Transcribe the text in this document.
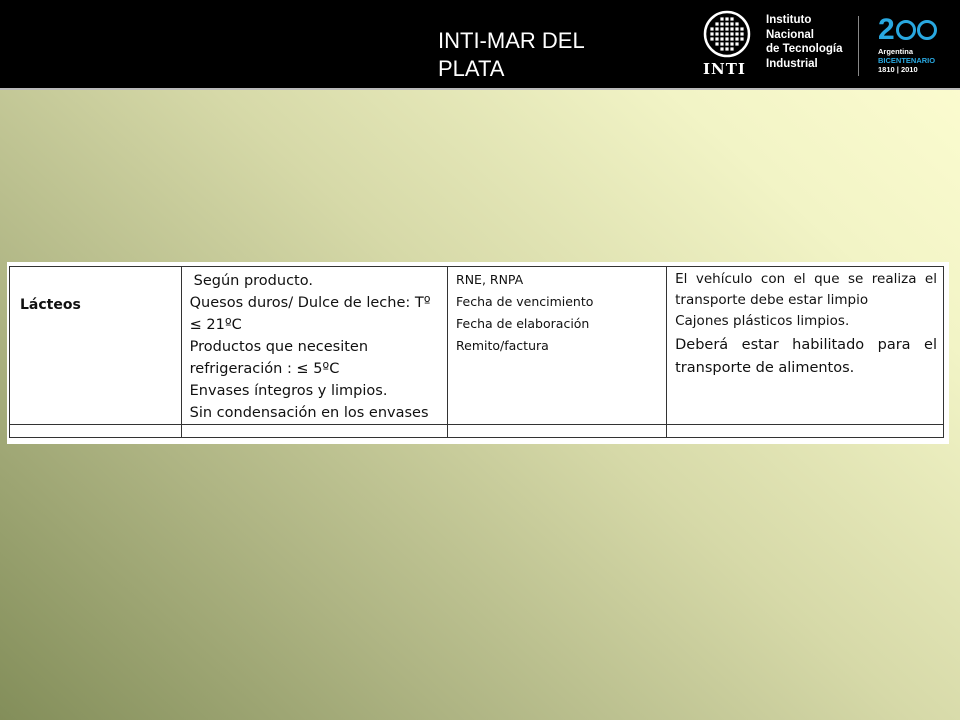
INTI-MAR DEL PLATA	INTI
Instituto
Nacional
de Tecnología
Industrial
2
Argentina
BICENTENARIO
1810 | 2010
Lácteos	Según producto.
Quesos duros/ Dulce de leche: Tº ≤ 21ºC
Productos que necesiten refrigeración : ≤ 5ºC
Envases íntegros y limpios.
Sin condensación en los envases	RNE, RNPA
Fecha de vencimiento
Fecha de elaboración
Remito/factura	El vehículo con el que se realiza el transporte debe estar limpio
Cajones plásticos limpios.
Deberá estar habilitado para el transporte de alimentos.
